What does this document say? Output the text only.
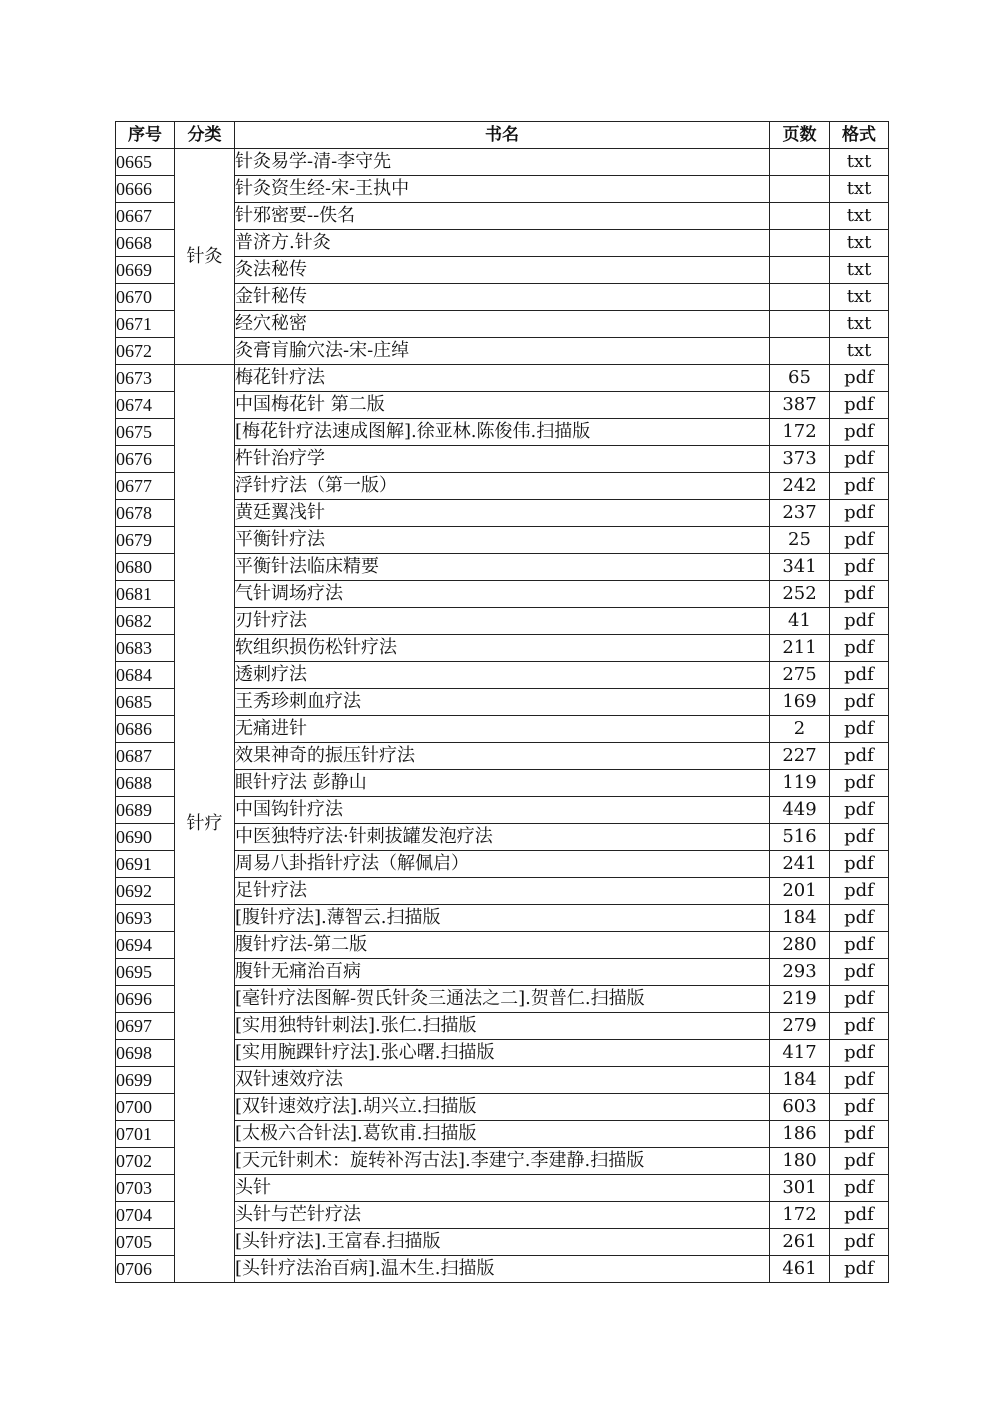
序号	分类	书名	页数	格式
0665	针灸	针灸易学-清-李守先		txt
0666		针灸资生经-宋-王执中		txt
0667		针邪密要--佚名		txt
0668		普济方.针灸		txt
0669		灸法秘传		txt
0670		金针秘传		txt
0671		经穴秘密		txt
0672		灸膏肓腧穴法-宋-庄绰		txt
0673	针疗	梅花针疗法	65	pdf
0674		中国梅花针 第二版	387	pdf
0675		[梅花针疗法速成图解].徐亚林.陈俊伟.扫描版	172	pdf
0676		杵针治疗学	373	pdf
0677		浮针疗法（第一版）	242	pdf
0678		黄廷翼浅针	237	pdf
0679		平衡针疗法	25	pdf
0680		平衡针法临床精要	341	pdf
0681		气针调场疗法	252	pdf
0682		刃针疗法	41	pdf
0683		软组织损伤松针疗法	211	pdf
0684		透刺疗法	275	pdf
0685		王秀珍刺血疗法	169	pdf
0686		无痛进针	2	pdf
0687		效果神奇的振压针疗法	227	pdf
0688		眼针疗法 彭静山	119	pdf
0689		中国钩针疗法	449	pdf
0690		中医独特疗法·针刺拔罐发泡疗法	516	pdf
0691		周易八卦指针疗法（解佩启）	241	pdf
0692		足针疗法	201	pdf
0693		[腹针疗法].薄智云.扫描版	184	pdf
0694		腹针疗法-第二版	280	pdf
0695		腹针无痛治百病	293	pdf
0696		[毫针疗法图解-贺氏针灸三通法之二].贺普仁.扫描版	219	pdf
0697		[实用独特针刺法].张仁.扫描版	279	pdf
0698		[实用腕踝针疗法].张心曙.扫描版	417	pdf
0699		双针速效疗法	184	pdf
0700		[双针速效疗法].胡兴立.扫描版	603	pdf
0701		[太极六合针法].葛钦甫.扫描版	186	pdf
0702		[天元针刺术：旋转补泻古法].李建宁.李建静.扫描版	180	pdf
0703		头针	301	pdf
0704		头针与芒针疗法	172	pdf
0705		[头针疗法].王富春.扫描版	261	pdf
0706		[头针疗法治百病].温木生.扫描版	461	pdf
